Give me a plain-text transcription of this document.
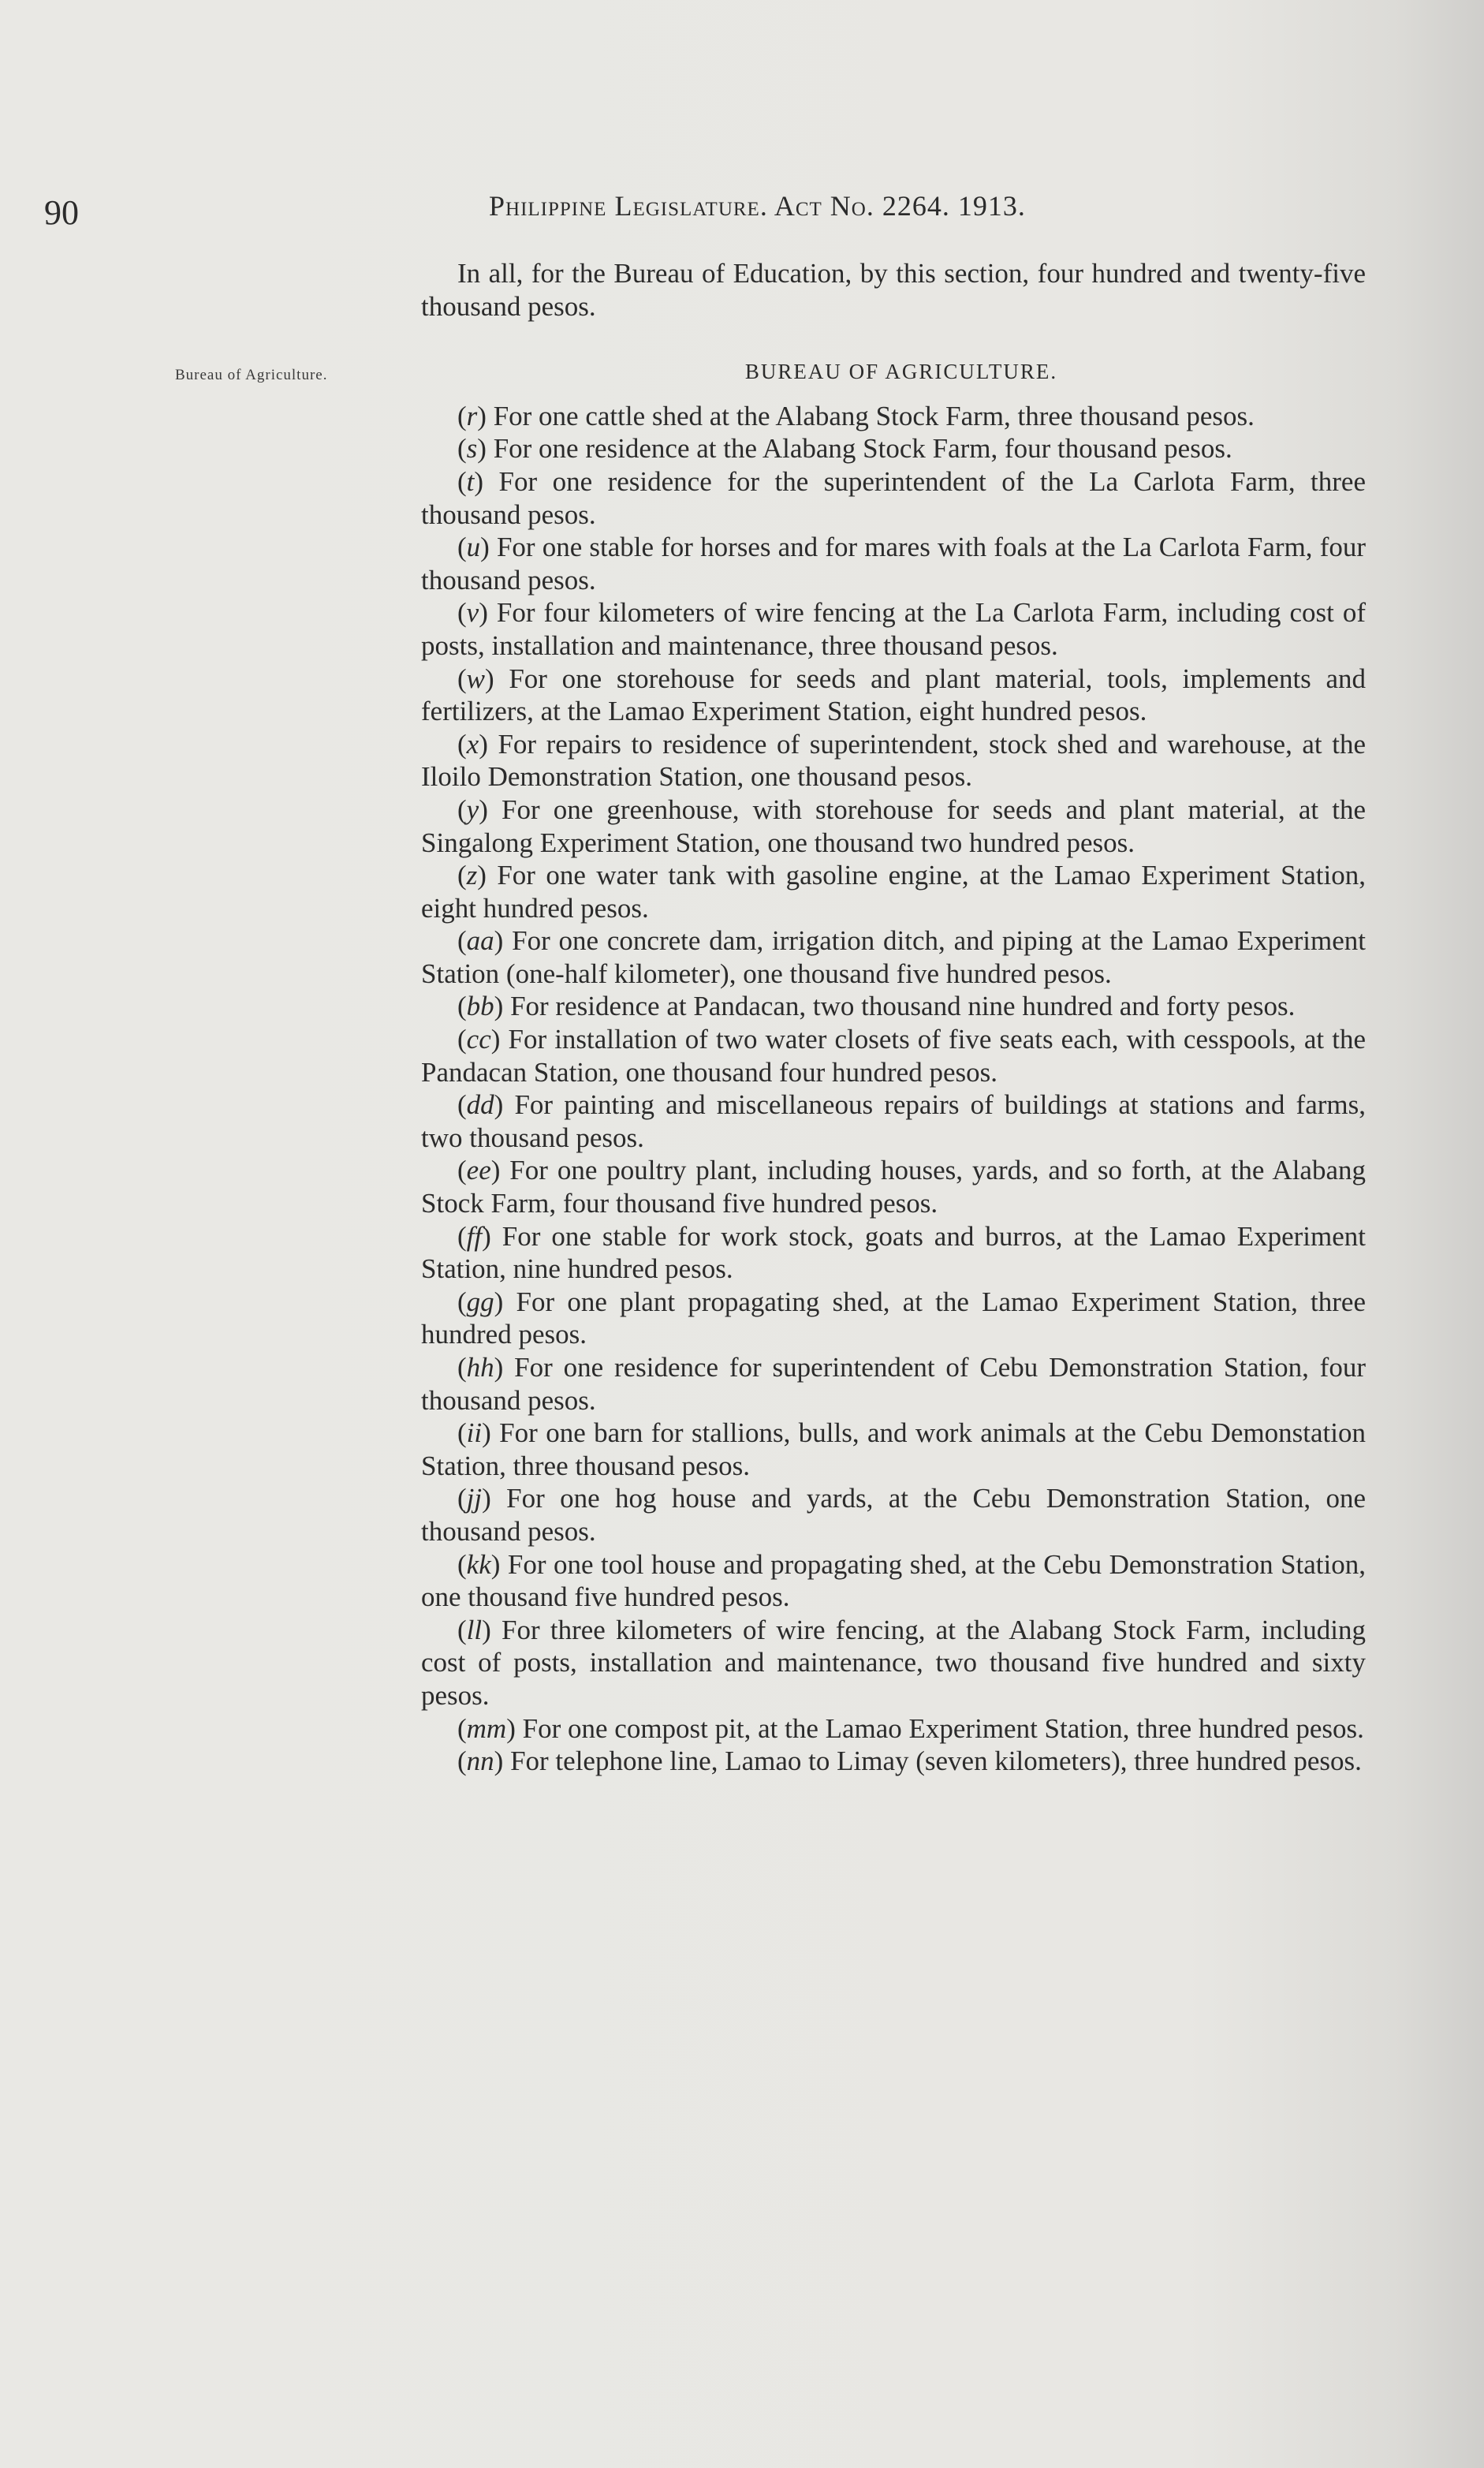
90	Philippine Legislature. Act No. 2264. 1913.
Bureau of Agriculture.

In all, for the Bureau of Education, by this section, four hundred and twenty-five thousand pesos.

BUREAU OF AGRICULTURE.

(r) For one cattle shed at the Alabang Stock Farm, three thousand pesos.

(s) For one residence at the Alabang Stock Farm, four thousand pesos.

(t) For one residence for the superintendent of the La Carlota Farm, three thousand pesos.

(u) For one stable for horses and for mares with foals at the La Carlota Farm, four thousand pesos.

(v) For four kilometers of wire fencing at the La Carlota Farm, including cost of posts, installation and maintenance, three thousand pesos.

(w) For one storehouse for seeds and plant material, tools, implements and fertilizers, at the Lamao Experiment Station, eight hundred pesos.

(x) For repairs to residence of superintendent, stock shed and warehouse, at the Iloilo Demonstration Station, one thousand pesos.

(y) For one greenhouse, with storehouse for seeds and plant material, at the Singalong Experiment Station, one thousand two hundred pesos.

(z) For one water tank with gasoline engine, at the Lamao Experiment Station, eight hundred pesos.

(aa) For one concrete dam, irrigation ditch, and piping at the Lamao Experiment Station (one-half kilometer), one thousand five hundred pesos.

(bb) For residence at Pandacan, two thousand nine hundred and forty pesos.

(cc) For installation of two water closets of five seats each, with cesspools, at the Pandacan Station, one thousand four hundred pesos.

(dd) For painting and miscellaneous repairs of buildings at stations and farms, two thousand pesos.

(ee) For one poultry plant, including houses, yards, and so forth, at the Alabang Stock Farm, four thousand five hundred pesos.

(ff) For one stable for work stock, goats and burros, at the Lamao Experiment Station, nine hundred pesos.

(gg) For one plant propagating shed, at the Lamao Experiment Station, three hundred pesos.

(hh) For one residence for superintendent of Cebu Demonstration Station, four thousand pesos.

(ii) For one barn for stallions, bulls, and work animals at the Cebu Demonstation Station, three thousand pesos.

(jj) For one hog house and yards, at the Cebu Demonstration Station, one thousand pesos.

(kk) For one tool house and propagating shed, at the Cebu Demonstration Station, one thousand five hundred pesos.

(ll) For three kilometers of wire fencing, at the Alabang Stock Farm, including cost of posts, installation and maintenance, two thousand five hundred and sixty pesos.

(mm) For one compost pit, at the Lamao Experiment Station, three hundred pesos.

(nn) For telephone line, Lamao to Limay (seven kilometers), three hundred pesos.
